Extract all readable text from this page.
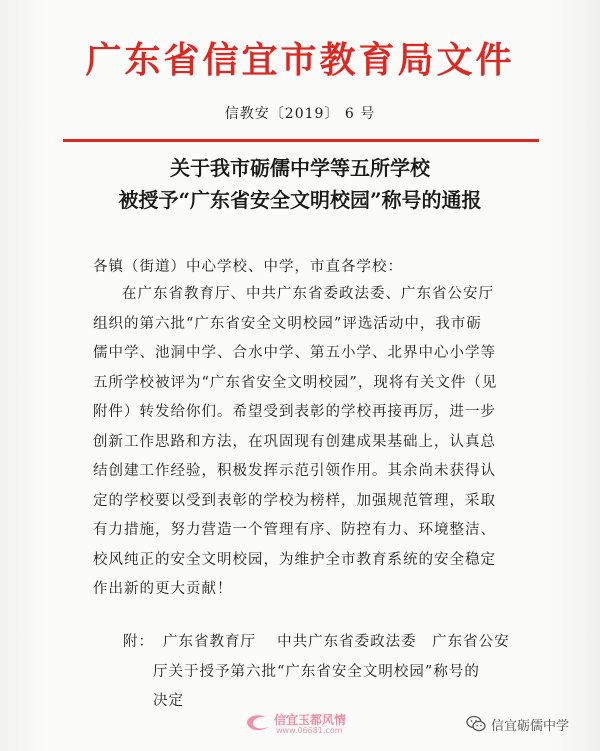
广东省信宜市教育局文件
信教安〔2019〕 6 号
关于我市砺儒中学等五所学校
被授予“广东省安全文明校园”称号的通报
各镇（街道）中心学校、中学，市直各学校：
在广东省教育厅、中共广东省委政法委、广东省公安厅
组织的第六批“广东省安全文明校园”评选活动中，我市砺
儒中学、池洞中学、合水中学、第五小学、北界中心小学等
五所学校被评为“广东省安全文明校园”，现将有关文件（见
附件）转发给你们。希望受到表彰的学校再接再厉，进一步
创新工作思路和方法，在巩固现有创建成果基础上，认真总
结创建工作经验，积极发挥示范引领作用。其余尚未获得认
定的学校要以受到表彰的学校为榜样，加强规范管理，采取
有力措施，努力营造一个管理有序、防控有力、环境整洁、
校风纯正的安全文明校园，为维护全市教育系统的安全稳定
作出新的更大贡献！
附： 广东省教育厅　 中共广东省委政法委　广东省公安
厅关于授予第六批“广东省安全文明校园”称号的
决定
信宜玉都风情
www.06681.com	信宜砺儒中学
